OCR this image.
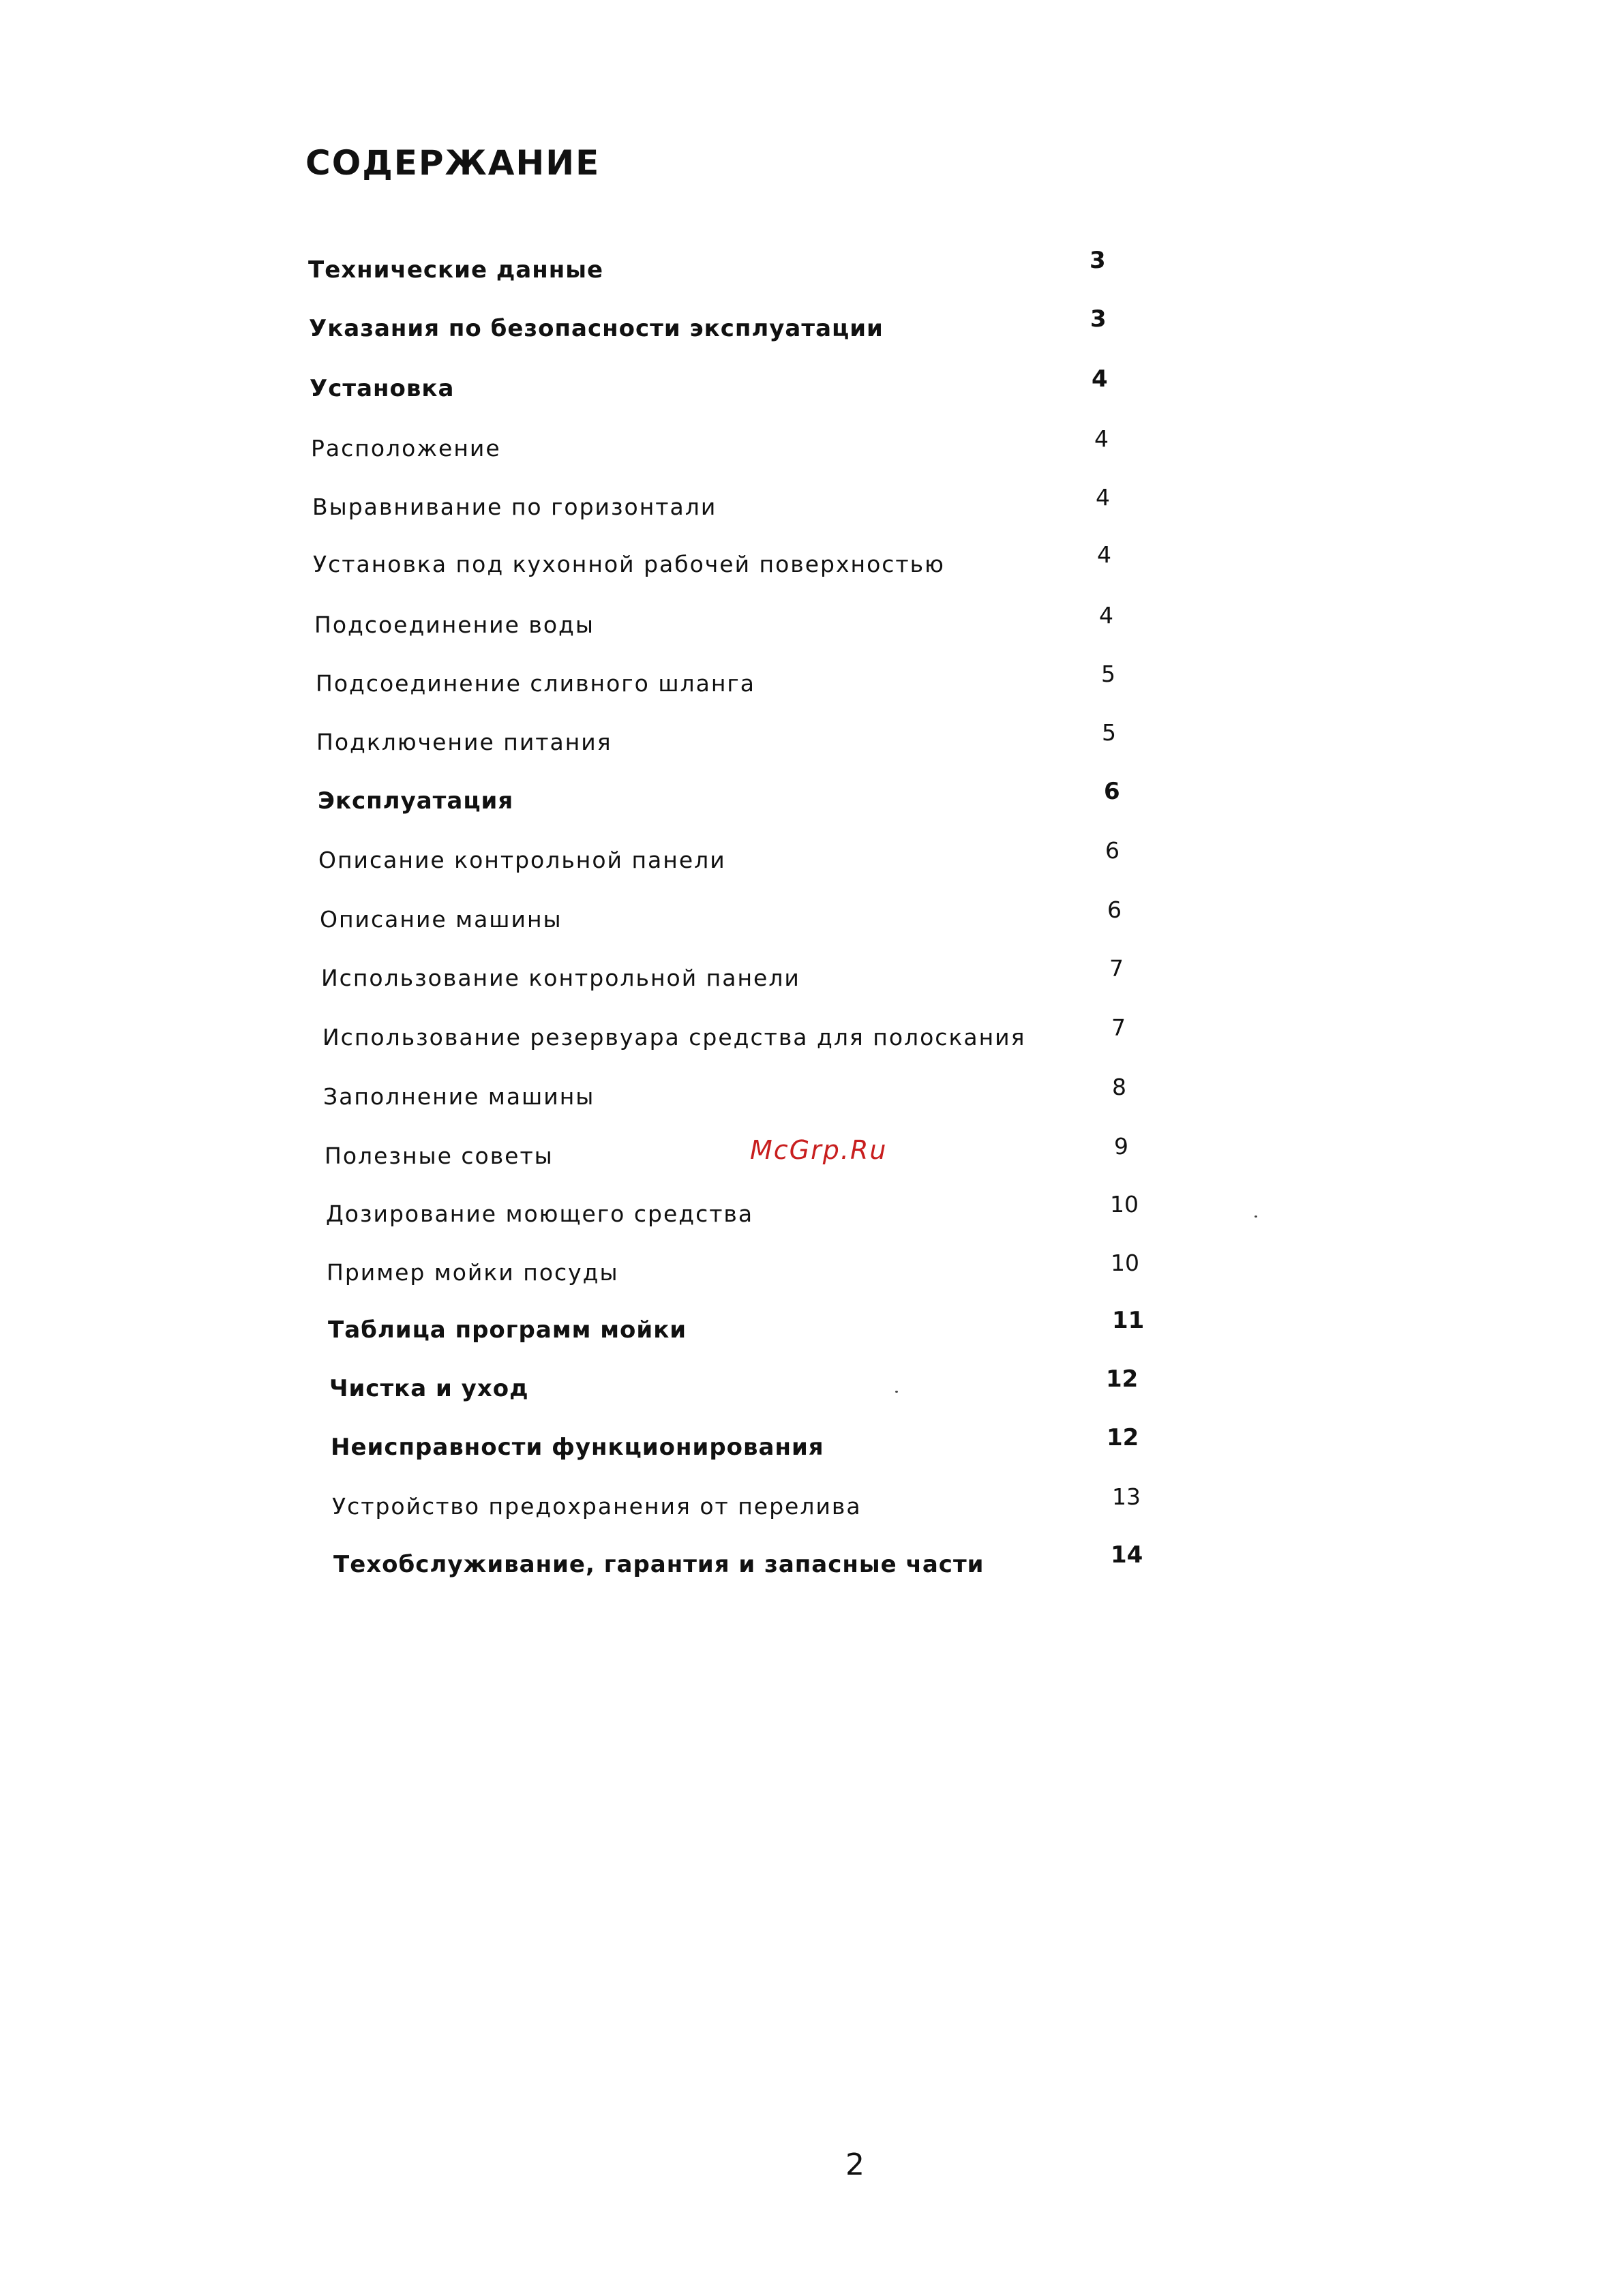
СОДЕРЖАНИЕ
Технические данные	3
Указания по безопасности эксплуатации	3
Установка	4
Расположение	4
Выравнивание по горизонтали	4
Установка под кухонной рабочей поверхностью	4
Подсоединение воды	4
Подсоединение сливного шланга	5
Подключение питания	5
Эксплуатация	6
Описание контрольной панели	6
Описание машины	6
Использование контрольной панели	7
Использование резервуара средства для полоскания	7
Заполнение машины	8
Полезные советы	9
Дозирование моющего средства	10
Пример мойки посуды	10
Таблица программ мойки	11
Чистка и уход	12
Неисправности функционирования	12
Устройство предохранения от перелива	13
Техобслуживание, гарантия и запасные части	14
McGrp.Ru
2
